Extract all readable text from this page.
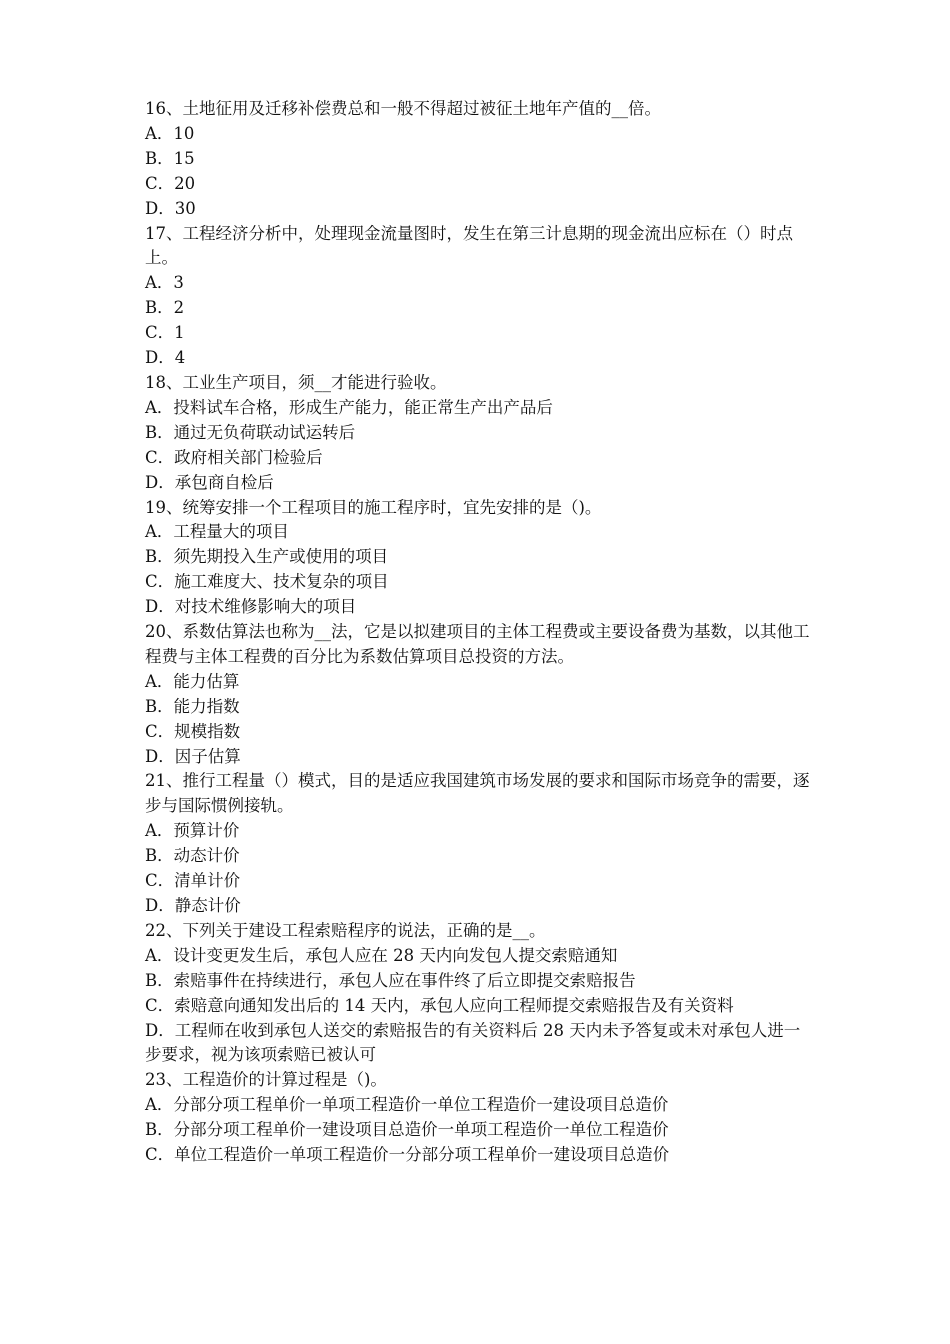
16、土地征用及迁移补偿费总和一般不得超过被征土地年产值的__倍。

A．10

B．15

C．20

D．30

17、工程经济分析中，处理现金流量图时，发生在第三计息期的现金流出应标在（）时点上。

A．3

B．2

C．1

D．4

18、工业生产项目，须__才能进行验收。

A．投料试车合格，形成生产能力，能正常生产出产品后

B．通过无负荷联动试运转后

C．政府相关部门检验后

D．承包商自检后

19、统筹安排一个工程项目的施工程序时，宜先安排的是（)。

A．工程量大的项目

B．须先期投入生产或使用的项目

C．施工难度大、技术复杂的项目

D．对技术维修影响大的项目

20、系数估算法也称为__法，它是以拟建项目的主体工程费或主要设备费为基数，以其他工程费与主体工程费的百分比为系数估算项目总投资的方法。

A．能力估算

B．能力指数

C．规模指数

D．因子估算

21、推行工程量（）模式，目的是适应我国建筑市场发展的要求和国际市场竞争的需要，逐步与国际惯例接轨。

A．预算计价

B．动态计价

C．清单计价

D．静态计价

22、下列关于建设工程索赔程序的说法，正确的是__。

A．设计变更发生后，承包人应在 28 天内向发包人提交索赔通知

B．索赔事件在持续进行，承包人应在事件终了后立即提交索赔报告

C．索赔意向通知发出后的 14 天内，承包人应向工程师提交索赔报告及有关资料

D．工程师在收到承包人送交的索赔报告的有关资料后 28 天内未予答复或未对承包人进一步要求，视为该项索赔已被认可

23、工程造价的计算过程是（)。

A．分部分项工程单价一单项工程造价一单位工程造价一建设项目总造价

B．分部分项工程单价一建设项目总造价一单项工程造价一单位工程造价

C．单位工程造价一单项工程造价一分部分项工程单价一建设项目总造价
